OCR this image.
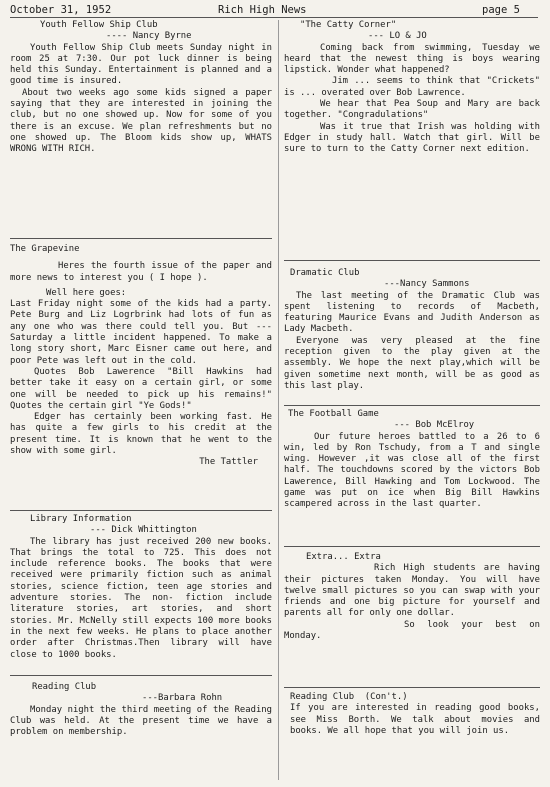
October 31, 1952	Rich High News	page 5
Youth Fellow Ship Club
---- Nancy Byrne
Youth Fellow Ship Club meets Sunday night in room 25 at 7:30. Our pot luck dinner is being held this Sunday. Entertainment is planned and a good time is insured.
About two weeks ago some kids signed a paper saying that they are interested in joining the club, but no one showed up. Now for some of you there is an excuse. We plan refreshments but no one showed up. The Bloom kids show up, WHATS WRONG WITH RICH.
The Grapevine
Heres the fourth issue of the paper and more news to interest you ( I hope ).
Well here goes:
Last Friday night some of the kids had a party. Pete Burg and Liz Logrbrink had lots of fun as any one who was there could tell you. But ---Saturday a little incident happened. To make a long story short, Marc Eisner came out here, and poor Pete was left out in the cold.
Quotes Bob Lawerence "Bill Hawkins had better take it easy on a certain girl, or some one will be needed to pick up his remains!" Quotes the certain girl "Ye Gods!"
Edger has certainly been working fast. He has quite a few girls to his credit at the present time. It is known that he went to the show with some girl.
The Tattler
Library Information
--- Dick Whittington
The library has just received 200 new books. That brings the total to 725. This does not include reference books. The books that were received were primarily fiction such as animal stories, science fiction, teen age stories and adventure stories. The non- fiction include literature stories, art stories, and short stories. Mr. McNelly still expects 100 more books in the next few weeks. He plans to place another order after Christmas.Then library will have close to 1000 books.
Reading Club
---Barbara Rohn
Monday night the third meeting of the Reading Club was held. At the present time we have a problem on membership.
"The Catty Corner"
--- LO & JO
Coming back from swimming, Tuesday we heard that the newest thing is boys wearing lipstick. Wonder what happened?
Jim ... seems to think that "Crickets" is ... overated over Bob Lawrence.
We hear that Pea Soup and Mary are back together. "Congradulations"
Was it true that Irish was holding with Edger in study hall. Watch that girl. Will be sure to turn to the Catty Corner next edition.
Dramatic Club
---Nancy Sammons
The last meeting of the Dramatic Club was spent listening to records of Macbeth, featuring Maurice Evans and Judith Anderson as Lady Macbeth.
Everyone was very pleased at the fine reception given to the play given at the assembly. We hope the next play,which will be given sometime next month, will be as good as this last play.
The Football Game
--- Bob McElroy
Our future heroes battled to a 26 to 6 win, led by Ron Tschudy, from a T and single wing. However ,it was close all of the first half. The touchdowns scored by the victors Bob Lawerence, Bill Hawking and Tom Lockwood. The game was put on ice when Big Bill Hawkins scampered across in the last quarter.
Extra... Extra
Rich High students are having their pictures taken Monday. You will have twelve small pictures so you can swap with your friends and one big picture for yourself and parents all for only one dollar.
So look your best on Monday.
Reading Club  (Con't.)
If you are interested in reading good books, see Miss Borth. We talk about movies and books. We all hope that you will join us.
